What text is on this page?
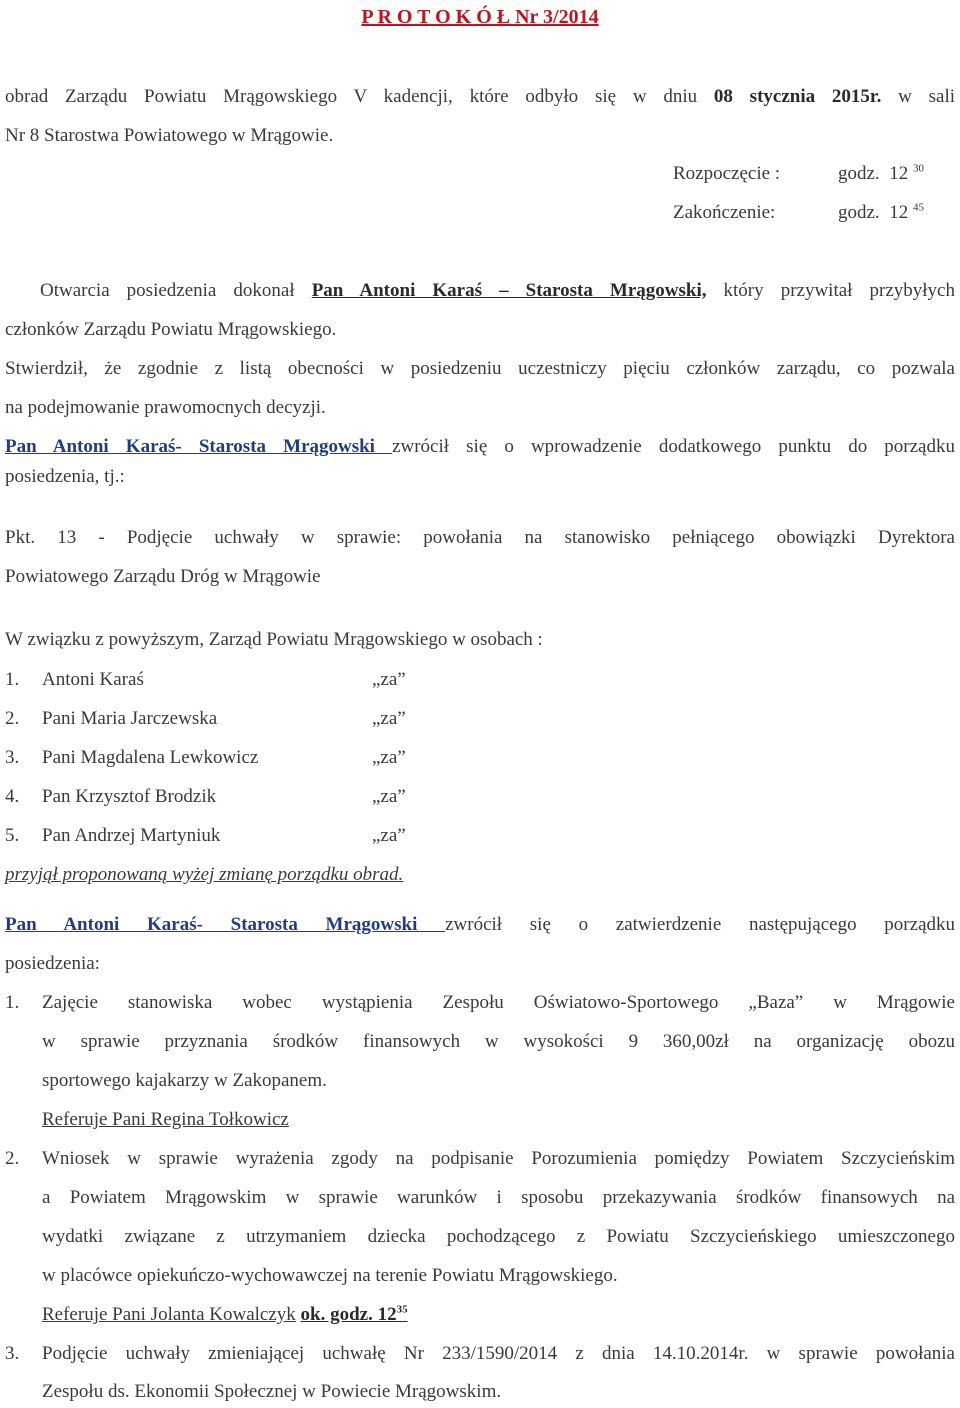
P R O T O K Ó Ł Nr 3/2014
obrad Zarządu Powiatu Mrągowskiego V kadencji, które odbyło się w dniu 08 stycznia 2015r. w sali
Nr 8 Starostwa Powiatowego w Mrągowie.
Rozpoczęcie :	godz. 12 $^{30}$
Zakończenie:	godz. 12 $^{45}$
Otwarcia posiedzenia dokonał Pan Antoni Karaś – Starosta Mrągowski, który przywitał przybyłych
członków Zarządu Powiatu Mrągowskiego.
Stwierdził, że zgodnie z listą obecności w posiedzeniu uczestniczy pięciu członków zarządu, co pozwala
na podejmowanie prawomocnych decyzji.
Pan Antoni Karaś- Starosta Mrągowski zwrócił się o wprowadzenie dodatkowego punktu do porządku
posiedzenia, tj.:
Pkt. 13 - Podjęcie uchwały w sprawie: powołania na stanowisko pełniącego obowiązki Dyrektora
Powiatowego Zarządu Dróg w Mrągowie
W związku z powyższym, Zarząd Powiatu Mrągowskiego w osobach :
1. Antoni Karaś	„za”
2. Pani Maria Jarczewska	„za”
3. Pani Magdalena Lewkowicz	„za”
4. Pan Krzysztof Brodzik	„za”
5. Pan Andrzej Martyniuk	„za”
przyjął proponowaną wyżej zmianę porządku obrad.
Pan Antoni Karaś- Starosta Mrągowski zwrócił się o zatwierdzenie następującego porządku
posiedzenia:
1. Zajęcie stanowiska wobec wystąpienia Zespołu Oświatowo-Sportowego „Baza” w Mrągowie
w sprawie przyznania środków finansowych w wysokości 9 360,00zł na organizację obozu
sportowego kajakarzy w Zakopanem.
Referuje Pani Regina Tołkowicz
2. Wniosek w sprawie wyrażenia zgody na podpisanie Porozumienia pomiędzy Powiatem Szczycieńskim
a Powiatem Mrągowskim w sprawie warunków i sposobu przekazywania środków finansowych na
wydatki związane z utrzymaniem dziecka pochodzącego z Powiatu Szczycieńskiego umieszczonego
w placówce opiekuńczo-wychowawczej na terenie Powiatu Mrągowskiego.
Referuje Pani Jolanta Kowalczyk ok. godz. $12^{35}$
3. Podjęcie uchwały zmieniającej uchwałę Nr 233/1590/2014 z dnia 14.10.2014r. w sprawie powołania
Zespołu ds. Ekonomii Społecznej w Powiecie Mrągowskim.
